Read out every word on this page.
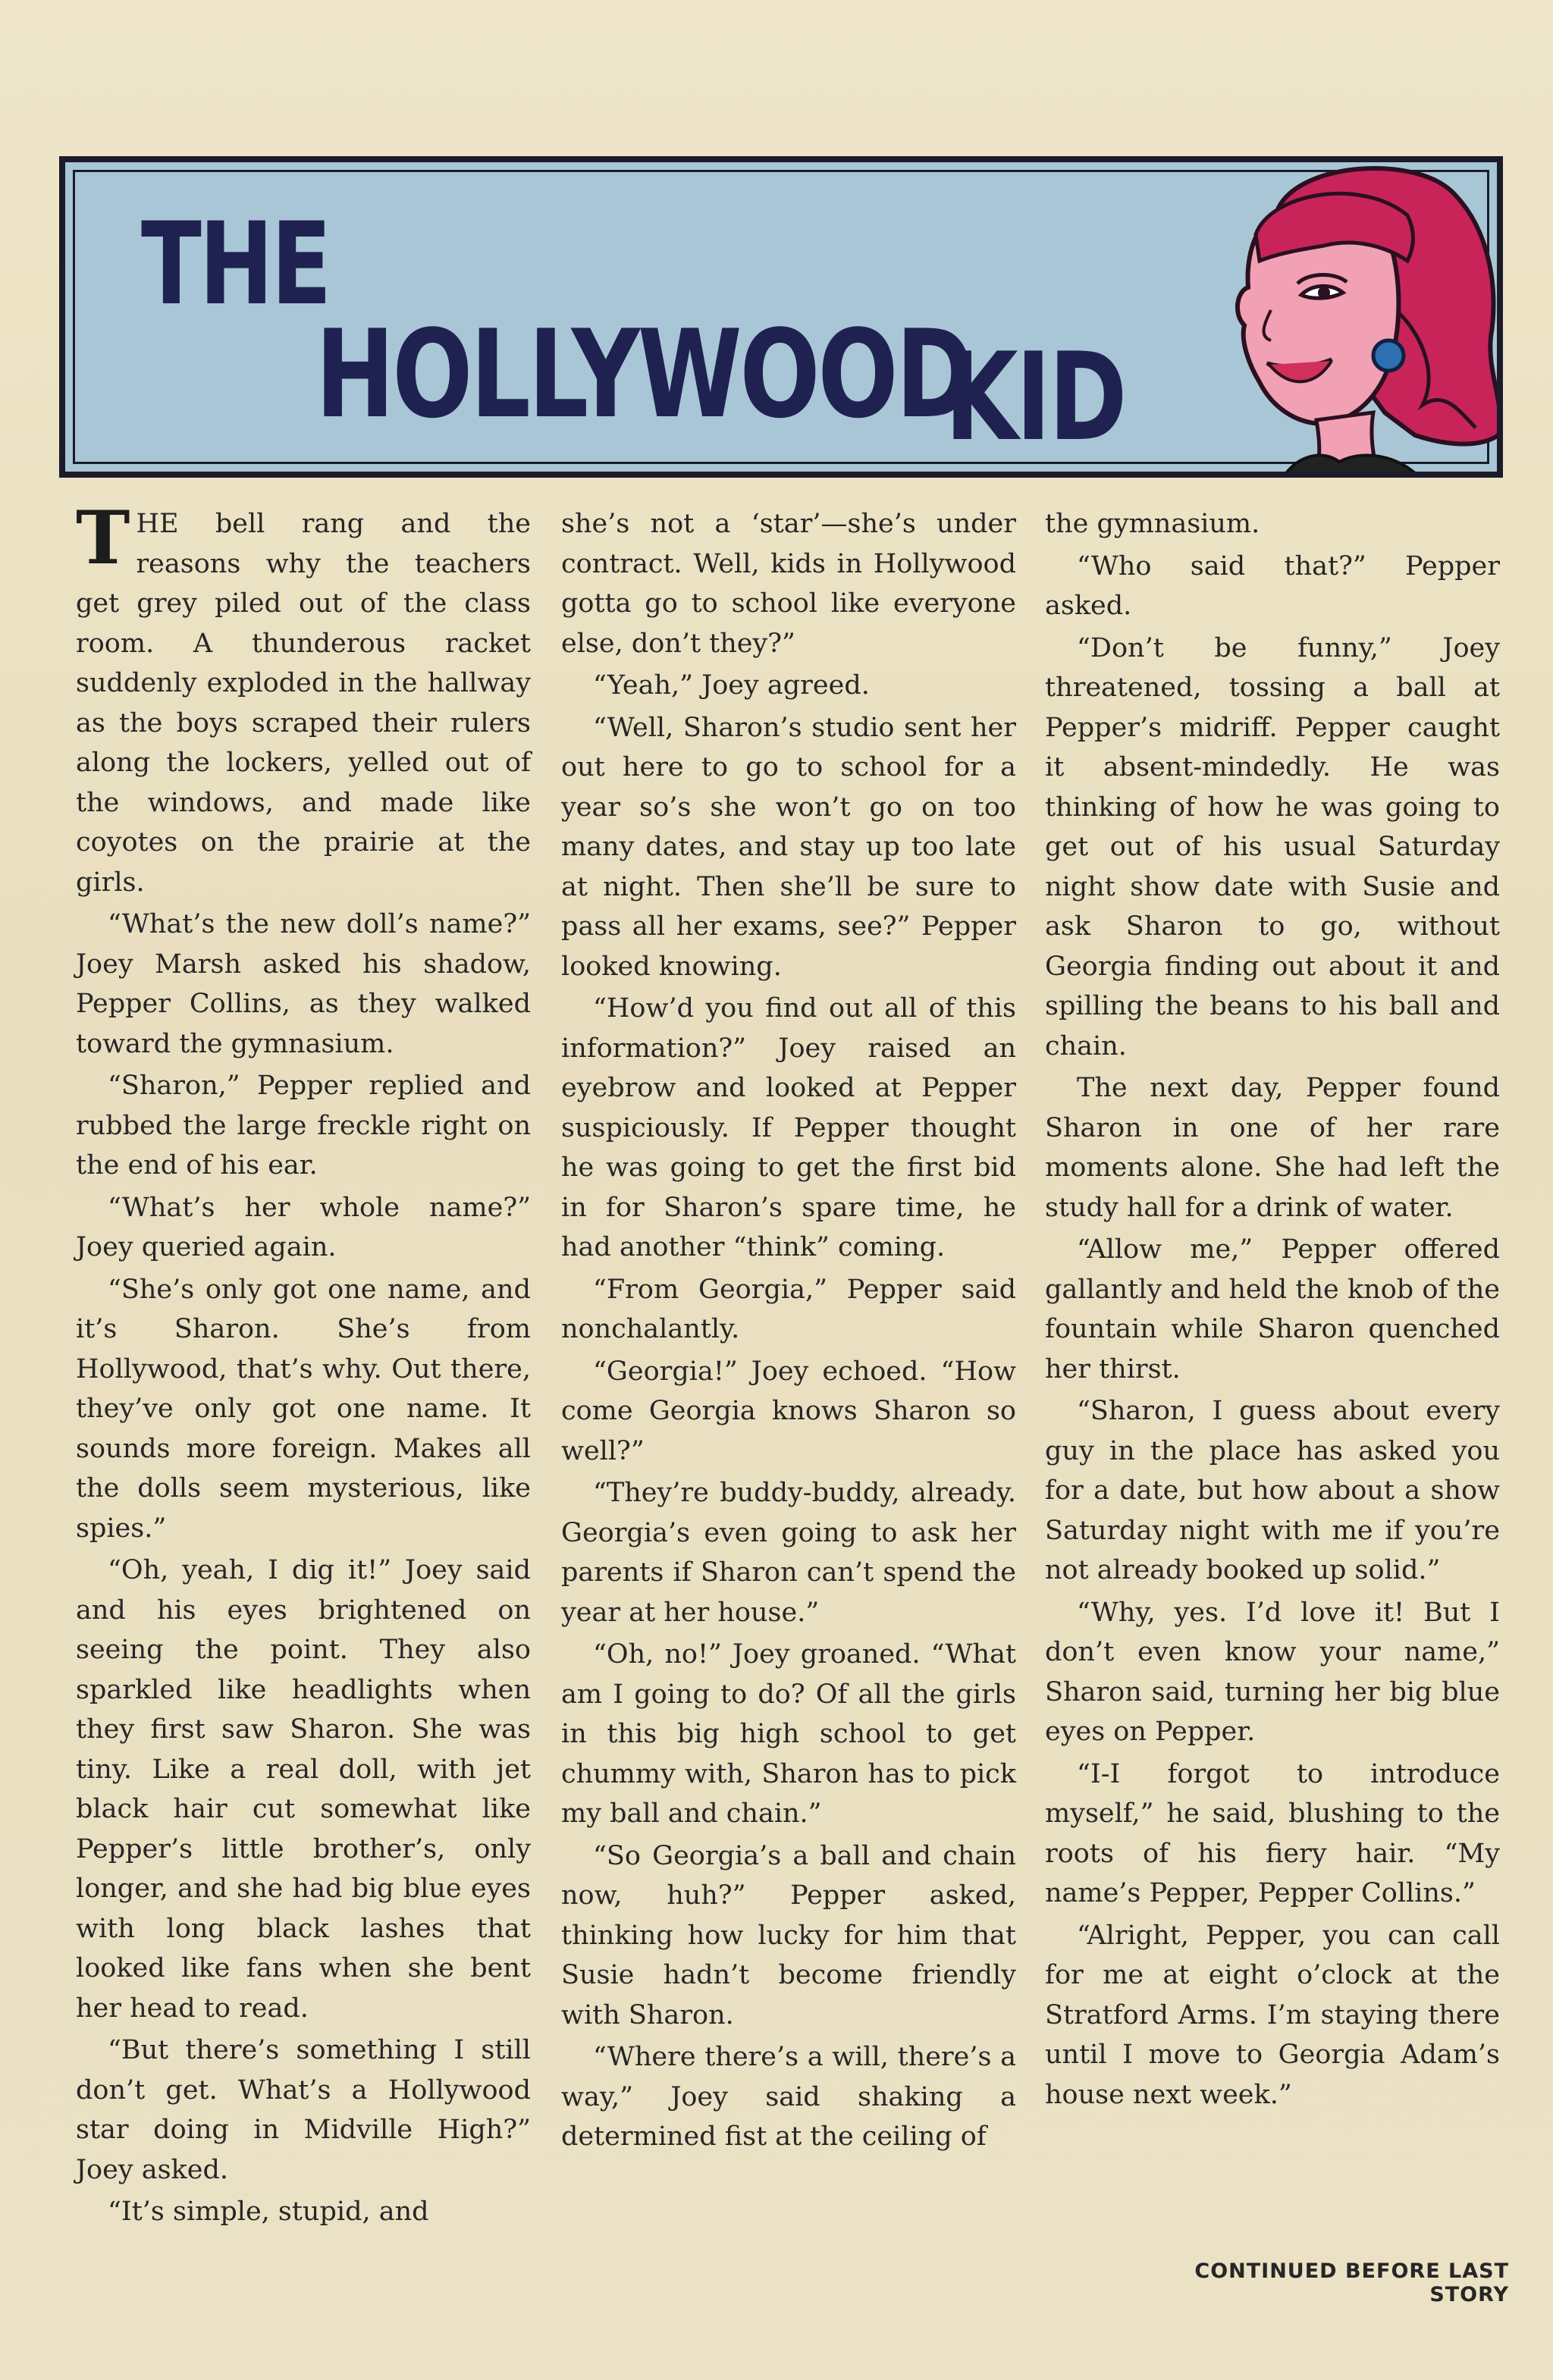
THE
HOLLYWOOD
KID

THE bell rang and the reasons why the teachers get grey piled out of the class room. A thunderous racket suddenly exploded in the hallway as the boys scraped their rulers along the lockers, yelled out of the windows, and made like coyotes on the prairie at the girls.

“What’s the new doll’s name?” Joey Marsh asked his shadow, Pepper Collins, as they walked toward the gymnasium.

“Sharon,” Pepper replied and rubbed the large freckle right on the end of his ear.

“What’s her whole name?” Joey queried again.

“She’s only got one name, and it’s Sharon. She’s from Hollywood, that’s why. Out there, they’ve only got one name. It sounds more foreign. Makes all the dolls seem mysterious, like spies.”

“Oh, yeah, I dig it!” Joey said and his eyes brightened on seeing the point. They also sparkled like headlights when they first saw Sharon. She was tiny. Like a real doll, with jet black hair cut somewhat like Pepper’s little brother’s, only longer, and she had big blue eyes with long black lashes that looked like fans when she bent her head to read.

“But there’s something I still don’t get. What’s a Hollywood star doing in Midville High?” Joey asked.

“It’s simple, stupid, and

she’s not a ‘star’—she’s under contract. Well, kids in Hollywood gotta go to school like everyone else, don’t they?”

“Yeah,” Joey agreed.

“Well, Sharon’s studio sent her out here to go to school for a year so’s she won’t go on too many dates, and stay up too late at night. Then she’ll be sure to pass all her exams, see?” Pepper looked knowing.

“How’d you find out all of this information?” Joey raised an eyebrow and looked at Pepper suspiciously. If Pepper thought he was going to get the first bid in for Sharon’s spare time, he had another “think” coming.

“From Georgia,” Pepper said nonchalantly.

“Georgia!” Joey echoed. “How come Georgia knows Sharon so well?”

“They’re buddy-buddy, already. Georgia’s even going to ask her parents if Sharon can’t spend the year at her house.”

“Oh, no!” Joey groaned. “What am I going to do? Of all the girls in this big high school to get chummy with, Sharon has to pick my ball and chain.”

“So Georgia’s a ball and chain now, huh?” Pepper asked, thinking how lucky for him that Susie hadn’t become friendly with Sharon.

“Where there’s a will, there’s a way,” Joey said shaking a determined fist at the ceiling of

the gymnasium.

“Who said that?” Pepper asked.

“Don’t be funny,” Joey threatened, tossing a ball at Pepper’s midriff. Pepper caught it absent-mindedly. He was thinking of how he was going to get out of his usual Saturday night show date with Susie and ask Sharon to go, without Georgia finding out about it and spilling the beans to his ball and chain.

The next day, Pepper found Sharon in one of her rare moments alone. She had left the study hall for a drink of water.

“Allow me,” Pepper offered gallantly and held the knob of the fountain while Sharon quenched her thirst.

“Sharon, I guess about every guy in the place has asked you for a date, but how about a show Saturday night with me if you’re not already booked up solid.”

“Why, yes. I’d love it! But I don’t even know your name,” Sharon said, turning her big blue eyes on Pepper.

“I-I forgot to introduce myself,” he said, blushing to the roots of his fiery hair. “My name’s Pepper, Pepper Collins.”

“Alright, Pepper, you can call for me at eight o’clock at the Stratford Arms. I’m staying there until I move to Georgia Adam’s house next week.”

CONTINUED BEFORE LAST STORY
